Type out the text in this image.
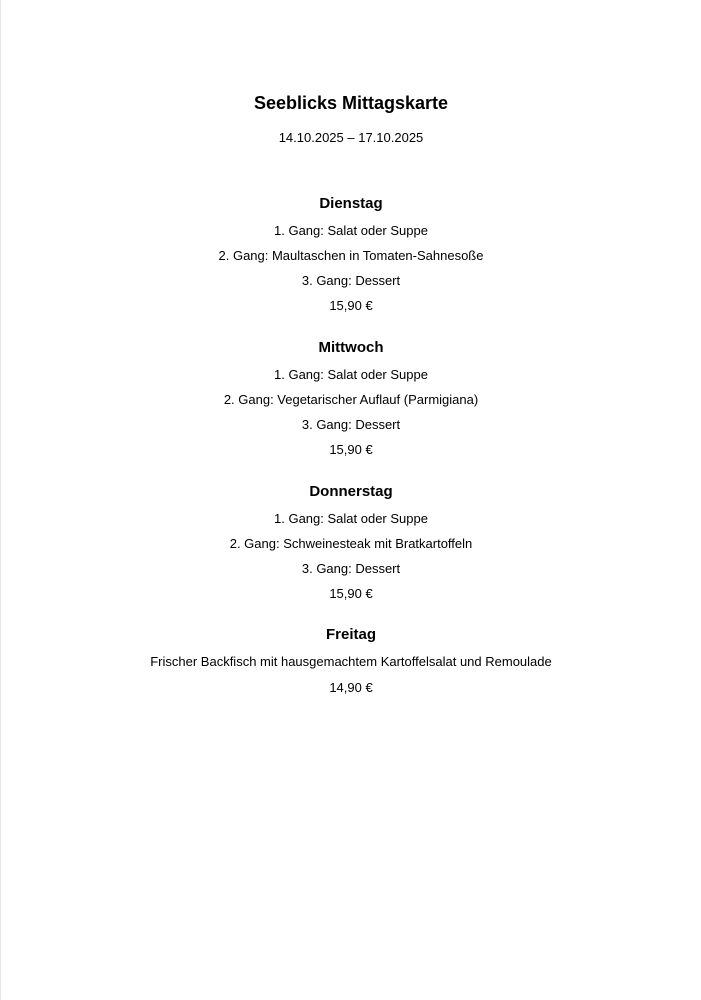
Seeblicks Mittagskarte
14.10.2025 – 17.10.2025
Dienstag
1. Gang: Salat oder Suppe
2. Gang: Maultaschen in Tomaten-Sahnesoße
3. Gang: Dessert
15,90 €
Mittwoch
1. Gang: Salat oder Suppe
2. Gang: Vegetarischer Auflauf (Parmigiana)
3. Gang: Dessert
15,90 €
Donnerstag
1. Gang: Salat oder Suppe
2. Gang: Schweinesteak mit Bratkartoffeln
3. Gang: Dessert
15,90 €
Freitag
Frischer Backfisch mit hausgemachtem Kartoffelsalat und Remoulade
14,90 €
